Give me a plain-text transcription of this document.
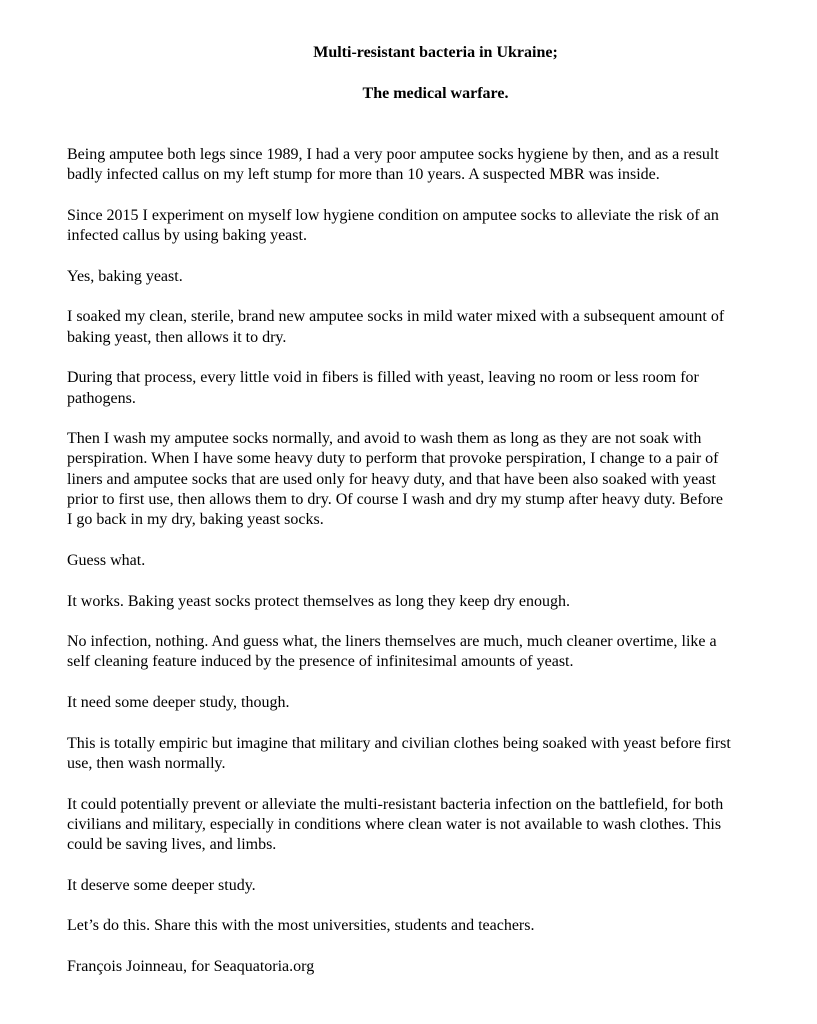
Multi-resistant bacteria in Ukraine;
The medical warfare.

Being amputee both legs since 1989, I had a very poor amputee socks hygiene by then, and as a result
badly infected callus on my left stump for more than 10 years. A suspected MBR was inside.

Since 2015 I experiment on myself low hygiene condition on amputee socks to alleviate the risk of an
infected callus by using baking yeast.

Yes, baking yeast.

I soaked my clean, sterile, brand new amputee socks in mild water mixed with a subsequent amount of
baking yeast, then allows it to dry.

During that process, every little void in fibers is filled with yeast, leaving no room or less room for
pathogens.

Then I wash my amputee socks normally, and avoid to wash them as long as they are not soak with
perspiration. When I have some heavy duty to perform that provoke perspiration, I change to a pair of
liners and amputee socks that are used only for heavy duty, and that have been also soaked with yeast
prior to first use, then allows them to dry. Of course I wash and dry my stump after heavy duty. Before
I go back in my dry, baking yeast socks.

Guess what.

It works. Baking yeast socks protect themselves as long they keep dry enough.

No infection, nothing. And guess what, the liners themselves are much, much cleaner overtime, like a
self cleaning feature induced by the presence of infinitesimal amounts of yeast.

It need some deeper study, though.

This is totally empiric but imagine that military and civilian clothes being soaked with yeast before first
use, then wash normally.

It could potentially prevent or alleviate the multi-resistant bacteria infection on the battlefield, for both
civilians and military, especially in conditions where clean water is not available to wash clothes. This
could be saving lives, and limbs.

It deserve some deeper study.

Let’s do this. Share this with the most universities, students and teachers.

François Joinneau, for Seaquatoria.org
